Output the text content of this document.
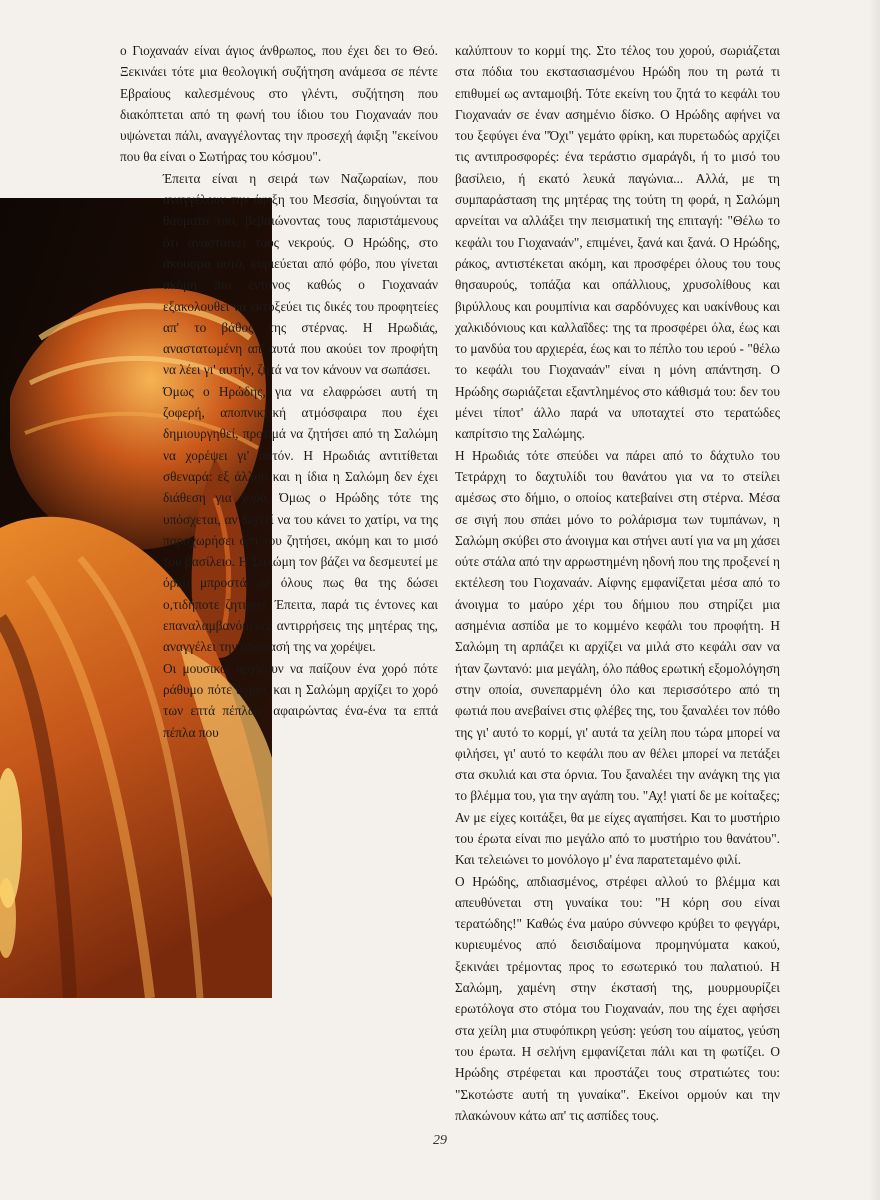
ο Γιοχαναάν είναι άγιος άνθρωπος, που έχει δει το Θεό. Ξεκινάει τότε μια θεολογική συζήτηση ανάμεσα σε πέντε Εβραίους καλεσμένους στο γλέντι, συζήτηση που διακόπτεται από τη φωνή του ίδιου του Γιοχαναάν που υψώνεται πάλι, αναγγέλοντας την προσεχή άφιξη "εκείνου που θα είναι ο Σωτήρας του κόσμου".

Έπειτα είναι η σειρά των Ναζωραίων, που αναγγέλουν την άφιξη του Μεσσία, διηγούνται τα θαύματά του, βεβαιώνοντας τους παριστάμενους ότι ανασταίνει τους νεκρούς. Ο Ηρώδης, στο άκουσμα αυτό, κυριεύεται από φόβο, που γίνεται ακόμη πιο έντονος καθώς ο Γιοχαναάν εξακολουθεί να εκτοξεύει τις δικές του προφητείες απ' το βάθος της στέρνας. Η Ηρωδιάς, αναστατωμένη απ' αυτά που ακούει τον προφήτη να λέει γι' αυτήν, ζητά να τον κάνουν να σωπάσει.

Όμως ο Ηρώδης, για να ελαφρώσει αυτή τη ζοφερή, αποπνικτική ατμόσφαιρα που έχει δημιουργηθεί, προτιμά να ζητήσει από τη Σαλώμη να χορέψει γι' αυτόν. Η Ηρωδιάς αντιτίθεται σθεναρά: εξ άλλου και η ίδια η Σαλώμη δεν έχει διάθεση για χορό. Όμως ο Ηρώδης τότε της υπόσχεται, αν δεχτεί να του κάνει το χατίρι, να της παραχωρήσει ό,τι του ζητήσει, ακόμη και το μισό του βασίλειο. Η Σαλώμη τον βάζει να δεσμευτεί με όρκο μπροστά σε όλους πως θα της δώσει ο,τιδήποτε ζητήσει. Έπειτα, παρά τις έντονες και επαναλαμβανόμενες αντιρρήσεις της μητέρας της, αναγγέλει την απόφασή της να χορέψει.

Οι μουσικοί αρχίζουν να παίζουν ένα χορό πότε ράθυμο πότε άγριο, και η Σαλώμη αρχίζει το χορό των επτά πέπλων, αφαιρώντας ένα-ένα τα επτά πέπλα που

καλύπτουν το κορμί της. Στο τέλος του χορού, σωριάζεται στα πόδια του εκστασιασμένου Ηρώδη που τη ρωτά τι επιθυμεί ως ανταμοιβή. Τότε εκείνη του ζητά το κεφάλι του Γιοχαναάν σε έναν ασημένιο δίσκο. Ο Ηρώδης αφήνει να του ξεφύγει ένα "Όχι" γεμάτο φρίκη, και πυρετωδώς αρχίζει τις αντιπροσφορές: ένα τεράστιο σμαράγδι, ή το μισό του βασίλειο, ή εκατό λευκά παγώνια... Αλλά, με τη συμπαράσταση της μητέρας της τούτη τη φορά, η Σαλώμη αρνείται να αλλάξει την πεισματική της επιταγή: "Θέλω το κεφάλι του Γιοχαναάν", επιμένει, ξανά και ξανά. Ο Ηρώδης, ράκος, αντιστέκεται ακόμη, και προσφέρει όλους του τους θησαυρούς, τοπάζια και οπάλλιους, χρυσολίθους και βιρύλλους και ρουμπίνια και σαρδόνυχες και υακίνθους και χαλκιδόνιους και καλλαΐδες: της τα προσφέρει όλα, έως και το μανδύα του αρχιερέα, έως και το πέπλο του ιερού - "θέλω το κεφάλι του Γιοχαναάν" είναι η μόνη απάντηση. Ο Ηρώδης σωριάζεται εξαντλημένος στο κάθισμά του: δεν του μένει τίποτ' άλλο παρά να υποταχτεί στο τερατώδες καπρίτσιο της Σαλώμης.

Η Ηρωδιάς τότε σπεύδει να πάρει από το δάχτυλο του Τετράρχη το δαχτυλίδι του θανάτου για να το στείλει αμέσως στο δήμιο, ο οποίος κατεβαίνει στη στέρνα. Μέσα σε σιγή που σπάει μόνο το ρολάρισμα των τυμπάνων, η Σαλώμη σκύβει στο άνοιγμα και στήνει αυτί για να μη χάσει ούτε στάλα από την αρρωστημένη ηδονή που της προξενεί η εκτέλεση του Γιοχαναάν. Αίφνης εμφανίζεται μέσα από το άνοιγμα το μαύρο χέρι του δήμιου που στηρίζει μια ασημένια ασπίδα με το κομμένο κεφάλι του προφήτη. Η Σαλώμη τη αρπάζει κι αρχίζει να μιλά στο κεφάλι σαν να ήταν ζωντανό: μια μεγάλη, όλο πάθος ερωτική εξομολόγηση στην οποία, συνεπαρμένη όλο και περισσότερο από τη φωτιά που ανεβαίνει στις φλέβες της, του ξαναλέει τον πόθο της γι' αυτό το κορμί, γι' αυτά τα χείλη που τώρα μπορεί να φιλήσει, γι' αυτό το κεφάλι που αν θέλει μπορεί να πετάξει στα σκυλιά και στα όρνια. Του ξαναλέει την ανάγκη της για το βλέμμα του, για την αγάπη του. "Αχ! γιατί δε με κοίταξες; Αν με είχες κοιτάξει, θα με είχες αγαπήσει. Και το μυστήριο του έρωτα είναι πιο μεγάλο από το μυστήριο του θανάτου". Και τελειώνει το μονόλογο μ' ένα παρατεταμένο φιλί.

Ο Ηρώδης, απδιασμένος, στρέφει αλλού το βλέμμα και απευθύνεται στη γυναίκα του: "Η κόρη σου είναι τερατώδης!" Καθώς ένα μαύρο σύννεφο κρύβει το φεγγάρι, κυριευμένος από δεισιδαίμονα προμηνύματα κακού, ξεκινάει τρέμοντας προς το εσωτερικό του παλατιού. Η Σαλώμη, χαμένη στην έκστασή της, μουρμουρίζει ερωτόλογα στο στόμα του Γιοχαναάν, που της έχει αφήσει στα χείλη μια στυφόπικρη γεύση: γεύση του αίματος, γεύση του έρωτα. Η σελήνη εμφανίζεται πάλι και τη φωτίζει. Ο Ηρώδης στρέφεται και προστάζει τους στρατιώτες του: "Σκοτώστε αυτή τη γυναίκα". Εκείνοι ορμούν και την πλακώνουν κάτω απ' τις ασπίδες τους.

29
